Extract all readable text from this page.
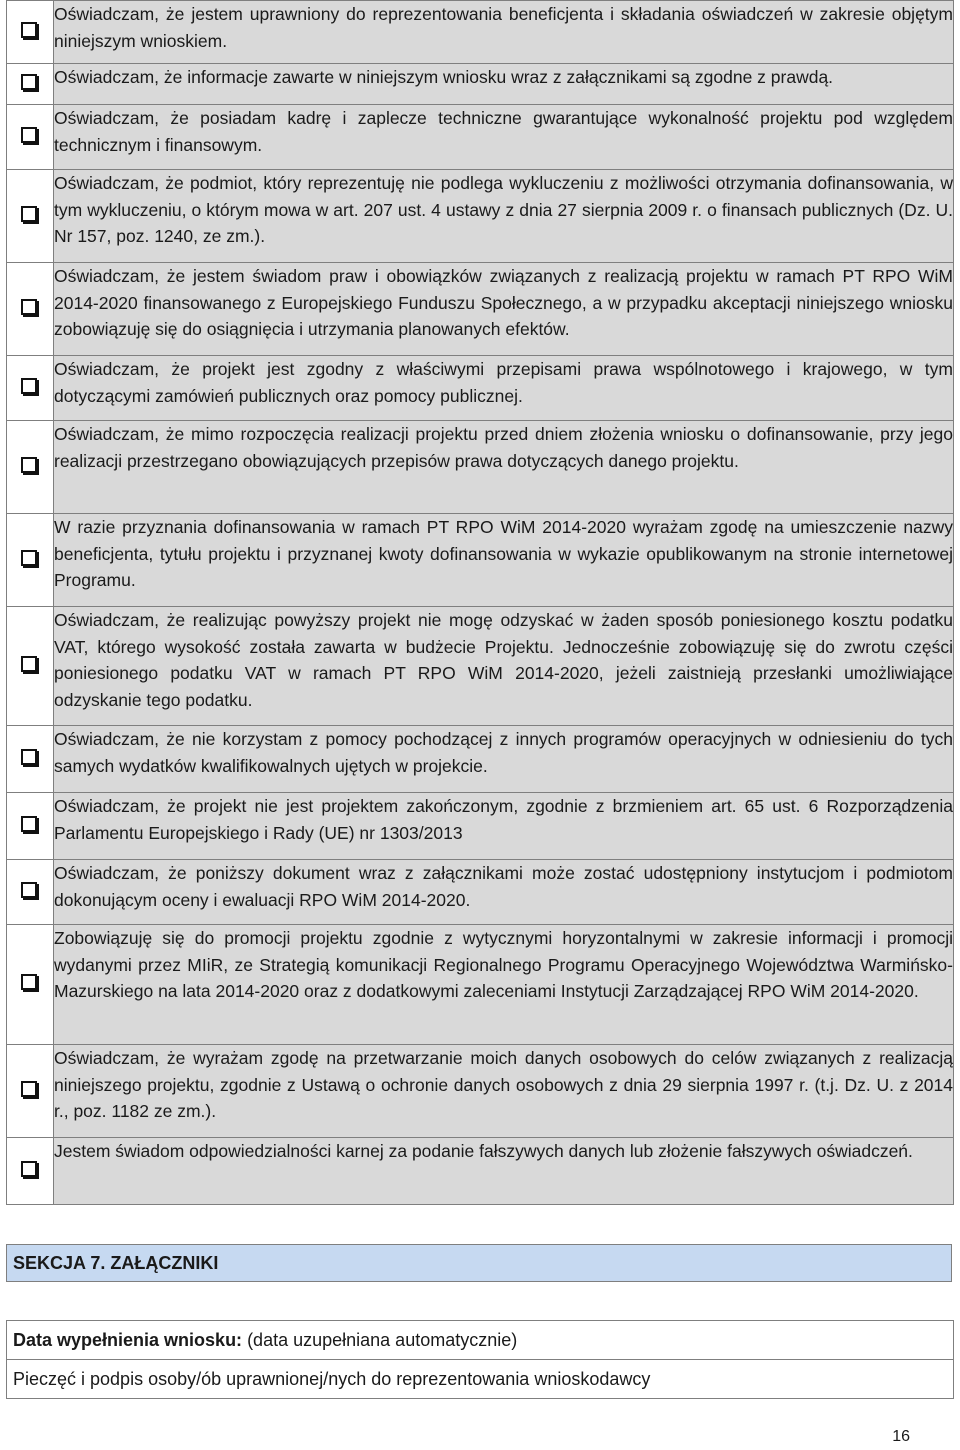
	Oświadczam, że jestem uprawniony do reprezentowania beneficjenta i składania oświadczeń w zakresie objętym niniejszym wnioskiem.
	Oświadczam, że informacje zawarte w niniejszym wniosku wraz z załącznikami są zgodne z prawdą.
	Oświadczam, że posiadam kadrę i zaplecze techniczne gwarantujące wykonalność projektu pod względem technicznym i finansowym.
	Oświadczam, że podmiot, który reprezentuję nie podlega wykluczeniu z możliwości otrzymania dofinansowania, w tym wykluczeniu, o którym mowa w art. 207 ust. 4 ustawy z dnia 27 sierpnia 2009 r. o finansach publicznych (Dz. U. Nr 157, poz. 1240, ze zm.).
	Oświadczam, że jestem świadom praw i obowiązków związanych z realizacją projektu w ramach PT RPO WiM 2014-2020 finansowanego z Europejskiego Funduszu Społecznego, a w przypadku akceptacji niniejszego wniosku zobowiązuję się do osiągnięcia i utrzymania planowanych efektów.
	Oświadczam, że projekt jest zgodny z właściwymi przepisami prawa wspólnotowego i krajowego, w tym dotyczącymi zamówień publicznych oraz pomocy publicznej.
	Oświadczam, że mimo rozpoczęcia realizacji projektu przed dniem złożenia wniosku o dofinansowanie, przy jego realizacji przestrzegano obowiązujących przepisów prawa dotyczących danego projektu.
	W razie przyznania dofinansowania w ramach PT RPO WiM 2014-2020 wyrażam zgodę na umieszczenie nazwy beneficjenta, tytułu projektu i przyznanej kwoty dofinansowania w wykazie opublikowanym na stronie internetowej Programu.
	Oświadczam, że realizując powyższy projekt nie mogę odzyskać w żaden sposób poniesionego kosztu podatku VAT, którego wysokość została zawarta w budżecie Projektu. Jednocześnie zobowiązuję się do zwrotu części poniesionego podatku VAT w ramach PT RPO WiM 2014-2020, jeżeli zaistnieją przesłanki umożliwiające odzyskanie tego podatku.
	Oświadczam, że nie korzystam z pomocy pochodzącej z innych programów operacyjnych w odniesieniu do tych samych wydatków kwalifikowalnych ujętych w projekcie.
	Oświadczam, że projekt nie jest projektem zakończonym, zgodnie z brzmieniem art. 65 ust. 6 Rozporządzenia Parlamentu Europejskiego i Rady (UE) nr 1303/2013
	Oświadczam, że poniższy dokument wraz z załącznikami może zostać udostępniony instytucjom i podmiotom dokonującym oceny i ewaluacji RPO WiM 2014-2020.
	Zobowiązuję się do promocji projektu zgodnie z wytycznymi horyzontalnymi w zakresie informacji i promocji wydanymi przez MIiR, ze Strategią komunikacji Regionalnego Programu Operacyjnego Województwa Warmińsko-Mazurskiego na lata 2014-2020 oraz z dodatkowymi zaleceniami Instytucji Zarządzającej RPO WiM 2014-2020.
	Oświadczam, że wyrażam zgodę na przetwarzanie moich danych osobowych do celów związanych z realizacją niniejszego projektu, zgodnie z Ustawą o ochronie danych osobowych z dnia 29 sierpnia 1997 r. (t.j. Dz. U. z 2014 r., poz. 1182 ze zm.).
	Jestem świadom odpowiedzialności karnej za podanie fałszywych danych lub złożenie fałszywych oświadczeń.
SEKCJA 7. ZAŁĄCZNIKI
Data wypełnienia wniosku: (data uzupełniana automatycznie)
Pieczęć i podpis osoby/ób uprawnionej/nych do reprezentowania wnioskodawcy
16
